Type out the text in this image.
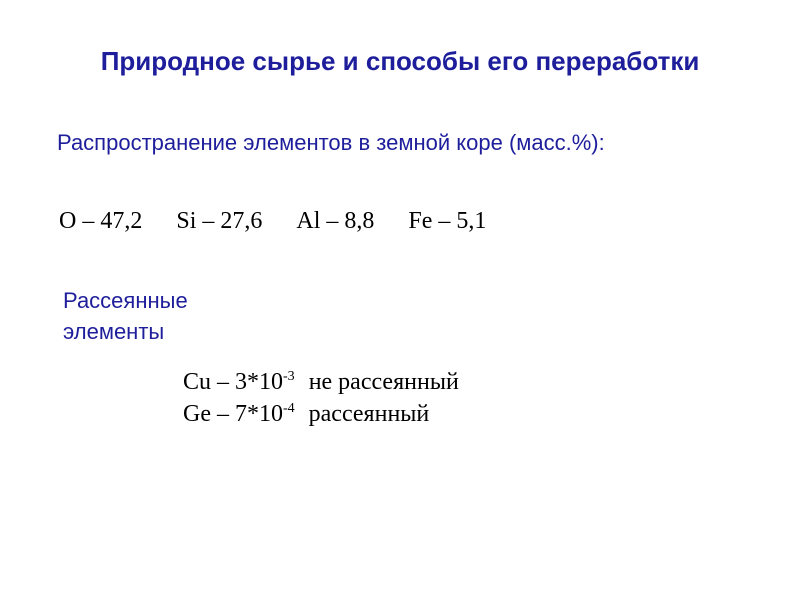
Природное сырье и способы его переработки
Распространение элементов в земной коре (масс.%):
O – 47,2 Si – 27,6 Al – 8,8 Fe – 5,1
Рассеянные
элементы
Cu – $3*10^{-3}$ не рассеянный
Ge – $7*10^{-4}$ рассеянный
